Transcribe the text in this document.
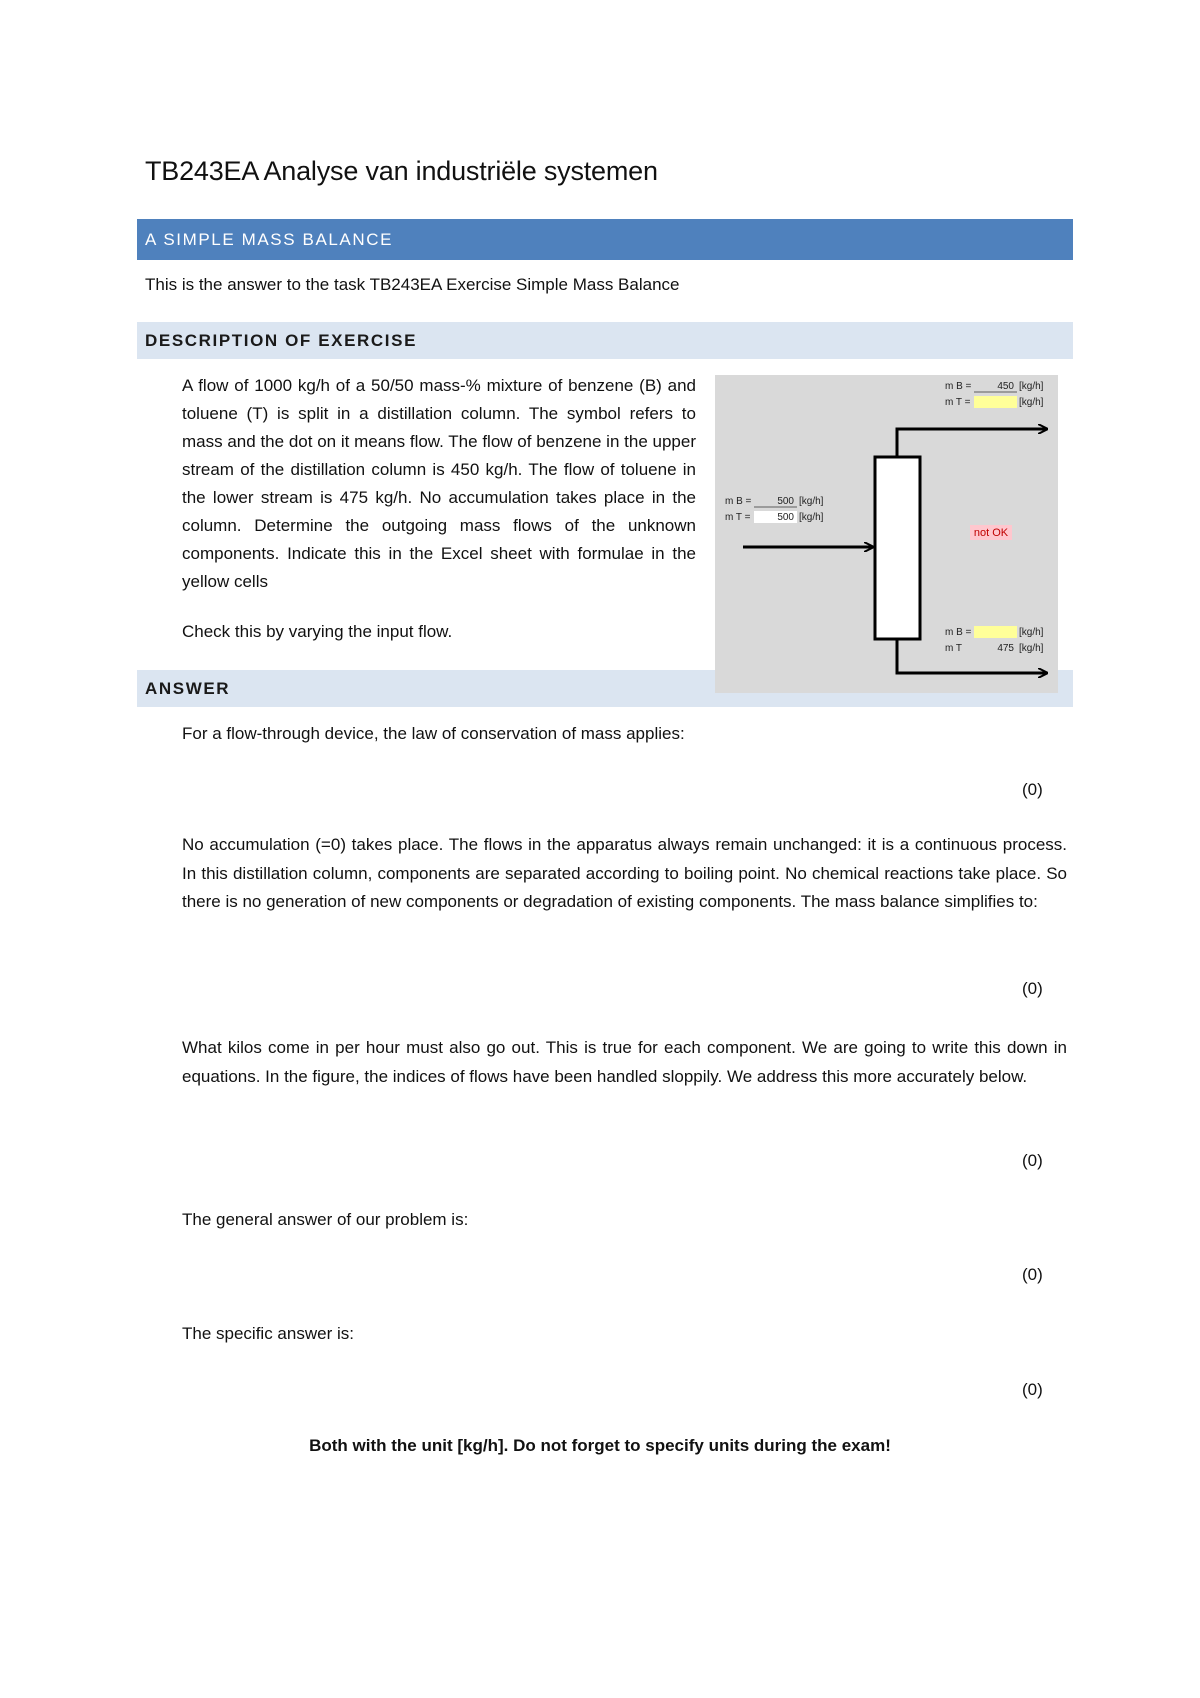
TB243EA Analyse van industriële systemen
A SIMPLE MASS BALANCE
This is the answer to the task TB243EA Exercise Simple Mass Balance
DESCRIPTION OF EXERCISE
A flow of 1000 kg/h of a 50/50 mass-% mixture of benzene (B) and toluene (T) is split in a distillation column. The symbol refers to mass and the dot on it means flow. The flow of benzene in the upper stream of the distillation column is 450 kg/h. The flow of toluene in the lower stream is 475 kg/h. No accumulation takes place in the column. Determine the outgoing mass flows of the unknown components. Indicate this in the Excel sheet with formulae in the yellow cells
Check this by varying the input flow.
ANSWER
m B =	450 [kg/h]
m T =	[kg/h]
m B =	500 [kg/h]
m T =	500 [kg/h]
not OK
m B =	[kg/h]
m T	475 [kg/h]
For a flow-through device, the law of conservation of mass applies:
(0)
No accumulation (=0) takes place. The flows in the apparatus always remain unchanged: it is a continuous process. In this distillation column, components are separated according to boiling point. No chemical reactions take place. So there is no generation of new components or degradation of existing components. The mass balance simplifies to:
(0)
What kilos come in per hour must also go out. This is true for each component. We are going to write this down in equations. In the figure, the indices of flows have been handled sloppily. We address this more accurately below.
(0)
The general answer of our problem is:
(0)
The specific answer is:
(0)
Both with the unit [kg/h]. Do not forget to specify units during the exam!
